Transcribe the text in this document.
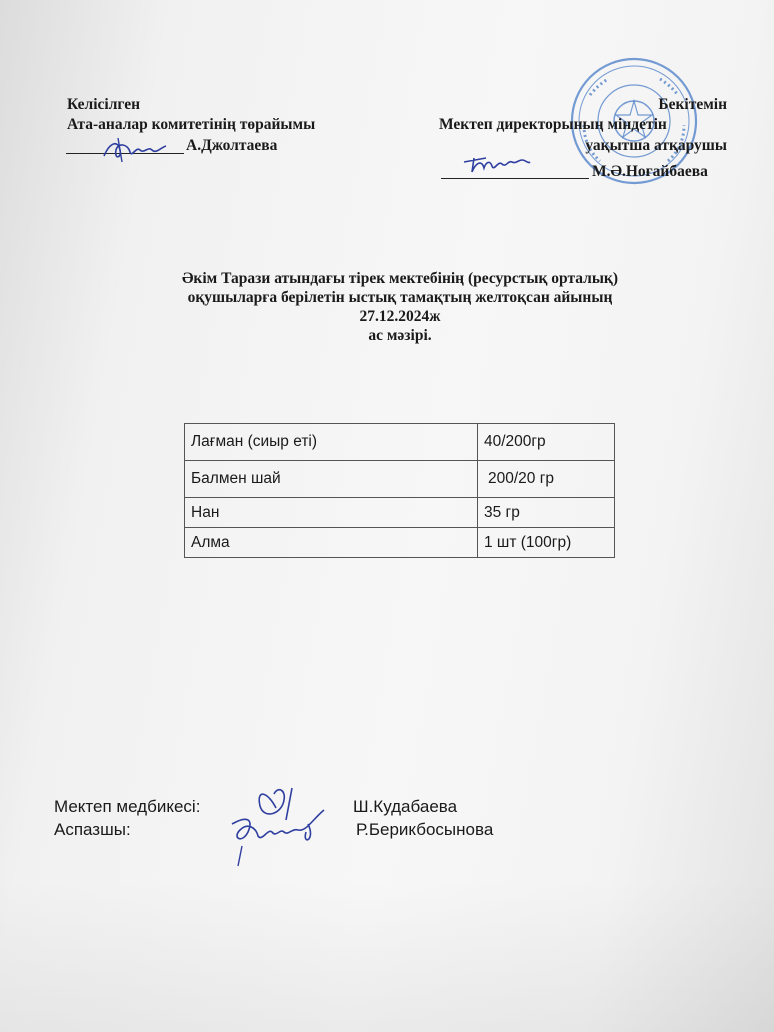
Келісілген
Ата-аналар комитетінің төрайымы
А.Джолтаева
Бекітемін
Мектеп директорының міндетін
уақытша атқарушы
М.Ә.Ноғайбаева
Әкім Тарази атындағы тірек мектебінің (ресурстық орталық)
оқушыларға берілетін ыстық тамақтың желтоқсан айының
27.12.2024ж
ас мәзірі.
Лағман (сиыр еті)	40/200гр
Балмен шай	200/20 гр
Нан	35 гр
Алма	1 шт (100гр)
Мектеп медбикесі:
Аспазшы:
Ш.Кудабаева
Р.Берикбосынова
